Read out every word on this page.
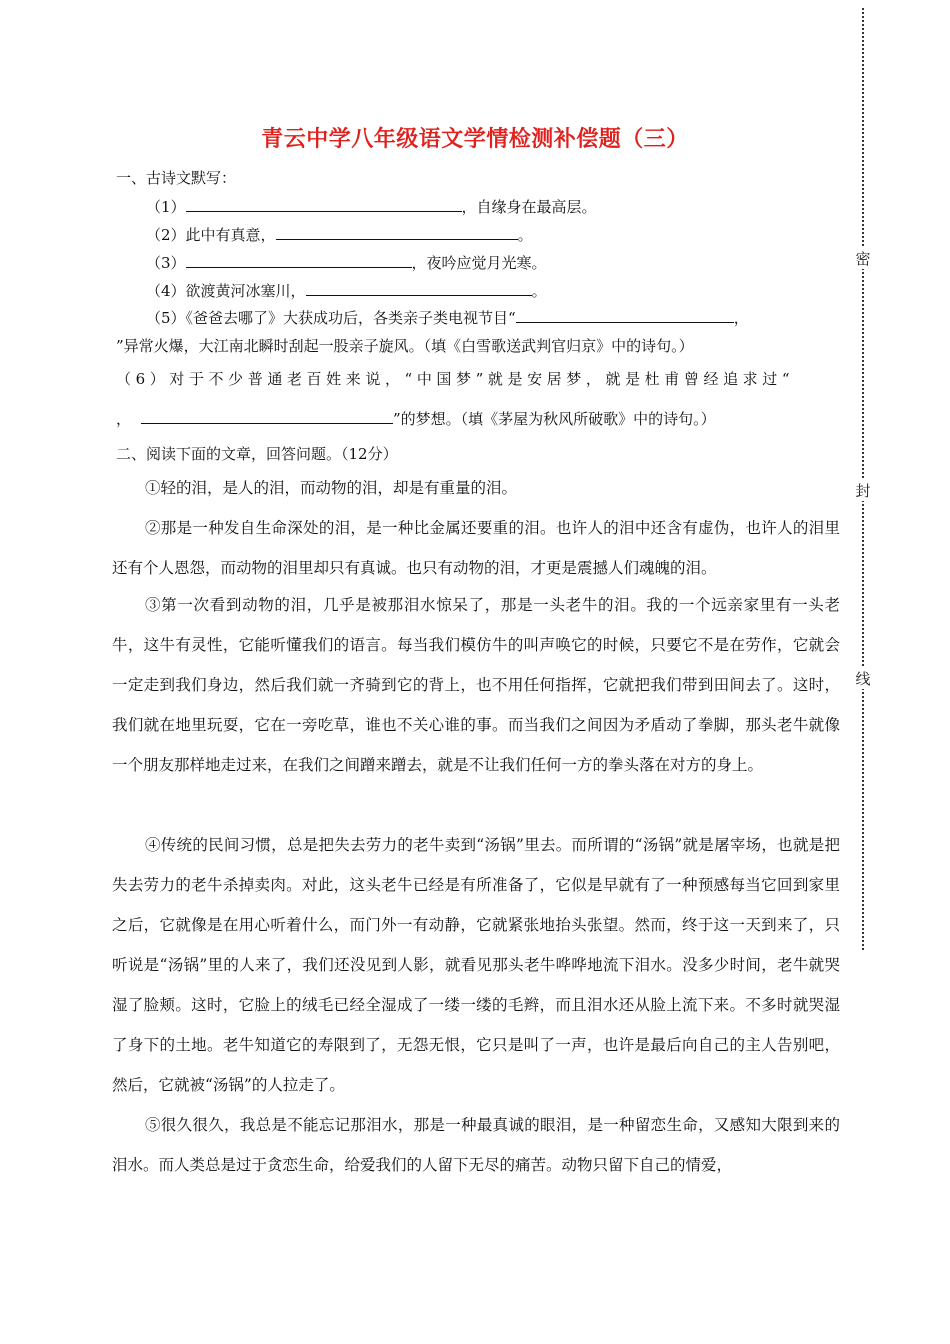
青云中学八年级语文学情检测补偿题（三）
一、古诗文默写：
（1）	，自缘身在最高层。
（2）此中有真意，	。
（3）	，夜吟应觉月光寒。
（4）欲渡黄河冰塞川，	。
（5）《爸爸去哪了》大获成功后，各类亲子类电视节目“	，
”异常火爆，大江南北瞬时刮起一股亲子旋风。（填《白雪歌送武判官归京》中的诗句。）
（6）对于不少普通老百姓来说，“中国梦”就是安居梦，就是杜甫曾经追求过“
，	”的梦想。（填《茅屋为秋风所破歌》中的诗句。）
二、阅读下面的文章，回答问题。（12分）

①轻的泪，是人的泪，而动物的泪，却是有重量的泪。

②那是一种发自生命深处的泪，是一种比金属还要重的泪。也许人的泪中还含有虚伪，也许人的泪里还有个人恩怨，而动物的泪里却只有真诚。也只有动物的泪，才更是震撼人们魂魄的泪。

③第一次看到动物的泪，几乎是被那泪水惊呆了，那是一头老牛的泪。我的一个远亲家里有一头老牛，这牛有灵性，它能听懂我们的语言。每当我们模仿牛的叫声唤它的时候，只要它不是在劳作，它就会一定走到我们身边，然后我们就一齐骑到它的背上，也不用任何指挥，它就把我们带到田间去了。这时，我们就在地里玩耍，它在一旁吃草，谁也不关心谁的事。而当我们之间因为矛盾动了拳脚，那头老牛就像一个朋友那样地走过来，在我们之间蹭来蹭去，就是不让我们任何一方的拳头落在对方的身上。

④传统的民间习惯，总是把失去劳力的老牛卖到“汤锅”里去。而所谓的“汤锅”就是屠宰场，也就是把失去劳力的老牛杀掉卖肉。对此，这头老牛已经是有所准备了，它似是早就有了一种预感每当它回到家里之后，它就像是在用心听着什么，而门外一有动静，它就紧张地抬头张望。然而，终于这一天到来了，只听说是“汤锅”里的人来了，我们还没见到人影，就看见那头老牛哗哗地流下泪水。没多少时间，老牛就哭湿了脸颊。这时，它脸上的绒毛已经全湿成了一缕一缕的毛辫，而且泪水还从脸上流下来。不多时就哭湿了身下的土地。老牛知道它的寿限到了，无怨无恨，它只是叫了一声，也许是最后向自己的主人告别吧，然后，它就被“汤锅”的人拉走了。

⑤很久很久，我总是不能忘记那泪水，那是一种最真诚的眼泪，是一种留恋生命，又感知大限到来的泪水。而人类总是过于贪恋生命，给爱我们的人留下无尽的痛苦。动物只留下自己的情爱，

密
封
线
